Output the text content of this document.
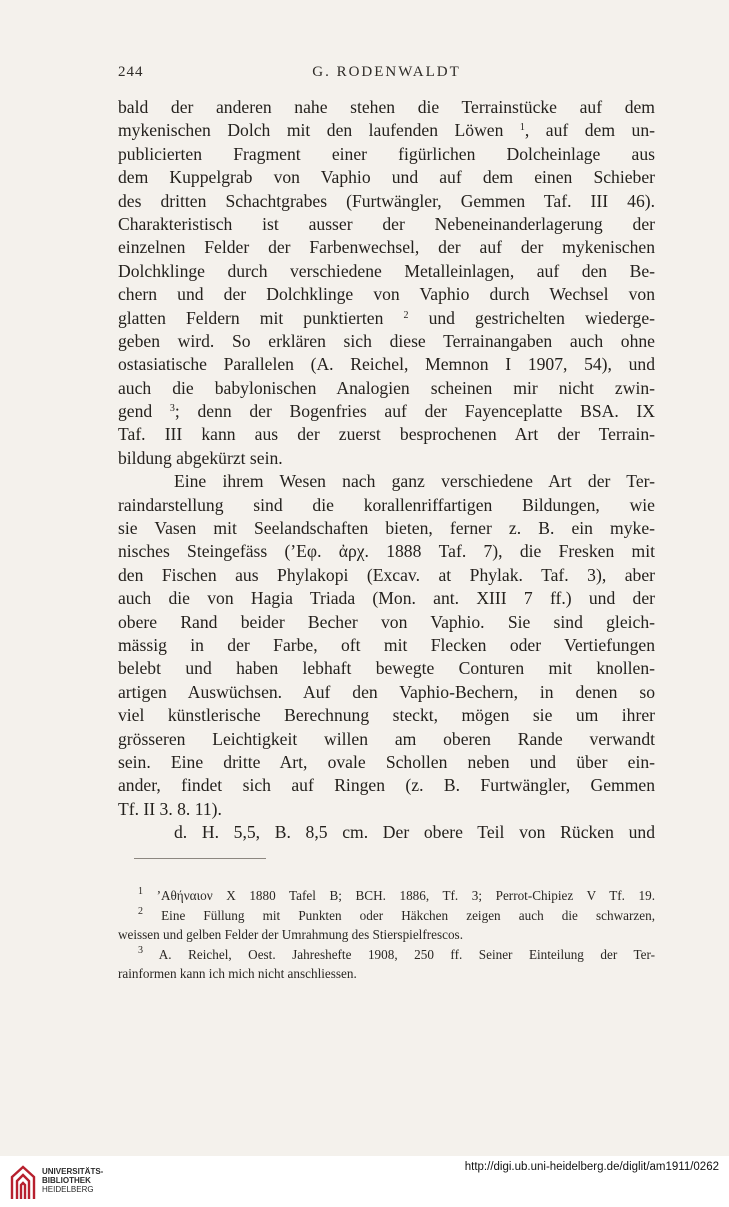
244	G. RODENWALDT
bald der anderen nahe stehen die Terrainstücke auf dem
mykenischen Dolch mit den laufenden Löwen $^1$, auf dem un-
publicierten Fragment einer figürlichen Dolcheinlage aus
dem Kuppelgrab von Vaphio und auf dem einen Schieber
des dritten Schachtgrabes (Furtwängler, Gemmen Taf. III 46).
Charakteristisch ist ausser der Nebeneinanderlagerung der
einzelnen Felder der Farbenwechsel, der auf der mykenischen
Dolchklinge durch verschiedene Metalleinlagen, auf den Be-
chern und der Dolchklinge von Vaphio durch Wechsel von
glatten Feldern mit punktierten $^2$ und gestrichelten wiederge-
geben wird. So erklären sich diese Terrainangaben auch ohne
ostasiatische Parallelen (A. Reichel, Memnon I 1907, 54), und
auch die babylonischen Analogien scheinen mir nicht zwin-
gend $^3$; denn der Bogenfries auf der Fayenceplatte BSA. IX
Taf. III kann aus der zuerst besprochenen Art der Terrain-
bildung abgekürzt sein.
Eine ihrem Wesen nach ganz verschiedene Art der Ter-
raindarstellung sind die korallenriffartigen Bildungen, wie
sie Vasen mit Seelandschaften bieten, ferner z. B. ein myke-
nisches Steingefäss (’Εφ. ἀρχ. 1888 Taf. 7), die Fresken mit
den Fischen aus Phylakopi (Excav. at Phylak. Taf. 3), aber
auch die von Hagia Triada (Mon. ant. XIII 7 ff.) und der
obere Rand beider Becher von Vaphio. Sie sind gleich-
mässig in der Farbe, oft mit Flecken oder Vertiefungen
belebt und haben lebhaft bewegte Conturen mit knollen-
artigen Auswüchsen. Auf den Vaphio-Bechern, in denen so
viel künstlerische Berechnung steckt, mögen sie um ihrer
grösseren Leichtigkeit willen am oberen Rande verwandt
sein. Eine dritte Art, ovale Schollen neben und über ein-
ander, findet sich auf Ringen (z. B. Furtwängler, Gemmen
Tf. II 3. 8. 11).
d. H. 5,5, B. 8,5 cm. Der obere Teil von Rücken und
$^1$ ’Αθήναιον X 1880 Tafel B; BCH. 1886, Tf. 3; Perrot-Chipiez V Tf. 19.
$^2$ Eine Füllung mit Punkten oder Häkchen zeigen auch die schwarzen,
weissen und gelben Felder der Umrahmung des Stierspielfrescos.
$^3$ A. Reichel, Oest. Jahreshefte 1908, 250 ff. Seiner Einteilung der Ter-
rainformen kann ich mich nicht anschliessen.
UNIVERSITÄTS-
BIBLIOTHEK
HEIDELBERG
http://digi.ub.uni-heidelberg.de/diglit/am1911/0262
